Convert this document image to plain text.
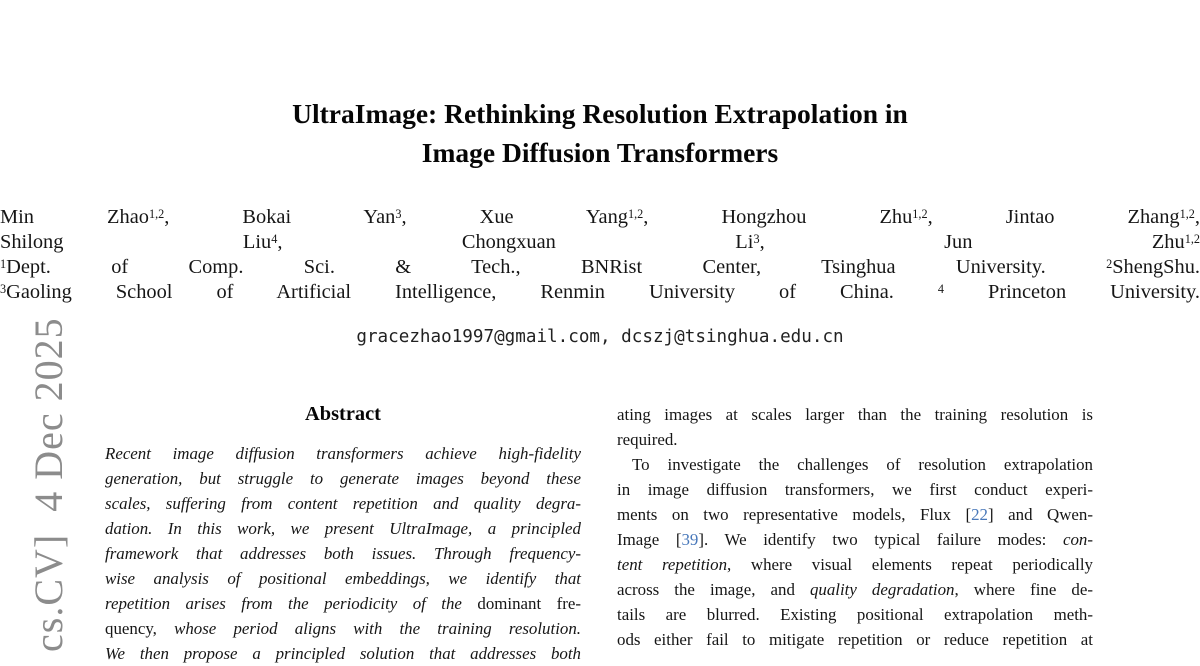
cs.CV]  4 Dec 2025
UltraImage: Rethinking Resolution Extrapolation in
Image Diffusion Transformers
Min Zhao$^{1,2}$, Bokai Yan$^3$, Xue Yang$^{1,2}$, Hongzhou Zhu$^{1,2}$, Jintao Zhang$^{1,2}$,
Shilong Liu$^4$, Chongxuan Li$^3$, Jun Zhu$^{1,2}$
$^1$Dept. of Comp. Sci. & Tech., BNRist Center, Tsinghua University. $^2$ShengShu.
$^3$Gaoling School of Artificial Intelligence, Renmin University of China. $^4$ Princeton University.
gracezhao1997@gmail.com, dcszj@tsinghua.edu.cn
Abstract
Recent image diffusion transformers achieve high-fidelity
generation, but struggle to generate images beyond these
scales, suffering from content repetition and quality degra-
dation. In this work, we present UltraImage, a principled
framework that addresses both issues. Through frequency-
wise analysis of positional embeddings, we identify that
repetition arises from the periodicity of the dominant fre-
quency, whose period aligns with the training resolution.
We then propose a principled solution that addresses both
ating images at scales larger than the training resolution is
required.
To investigate the challenges of resolution extrapolation
in image diffusion transformers, we first conduct experi-
ments on two representative models, Flux [22] and Qwen-
Image [39]. We identify two typical failure modes: con-
tent repetition, where visual elements repeat periodically
across the image, and quality degradation, where fine de-
tails are blurred. Existing positional extrapolation meth-
ods either fail to mitigate repetition or reduce repetition at
